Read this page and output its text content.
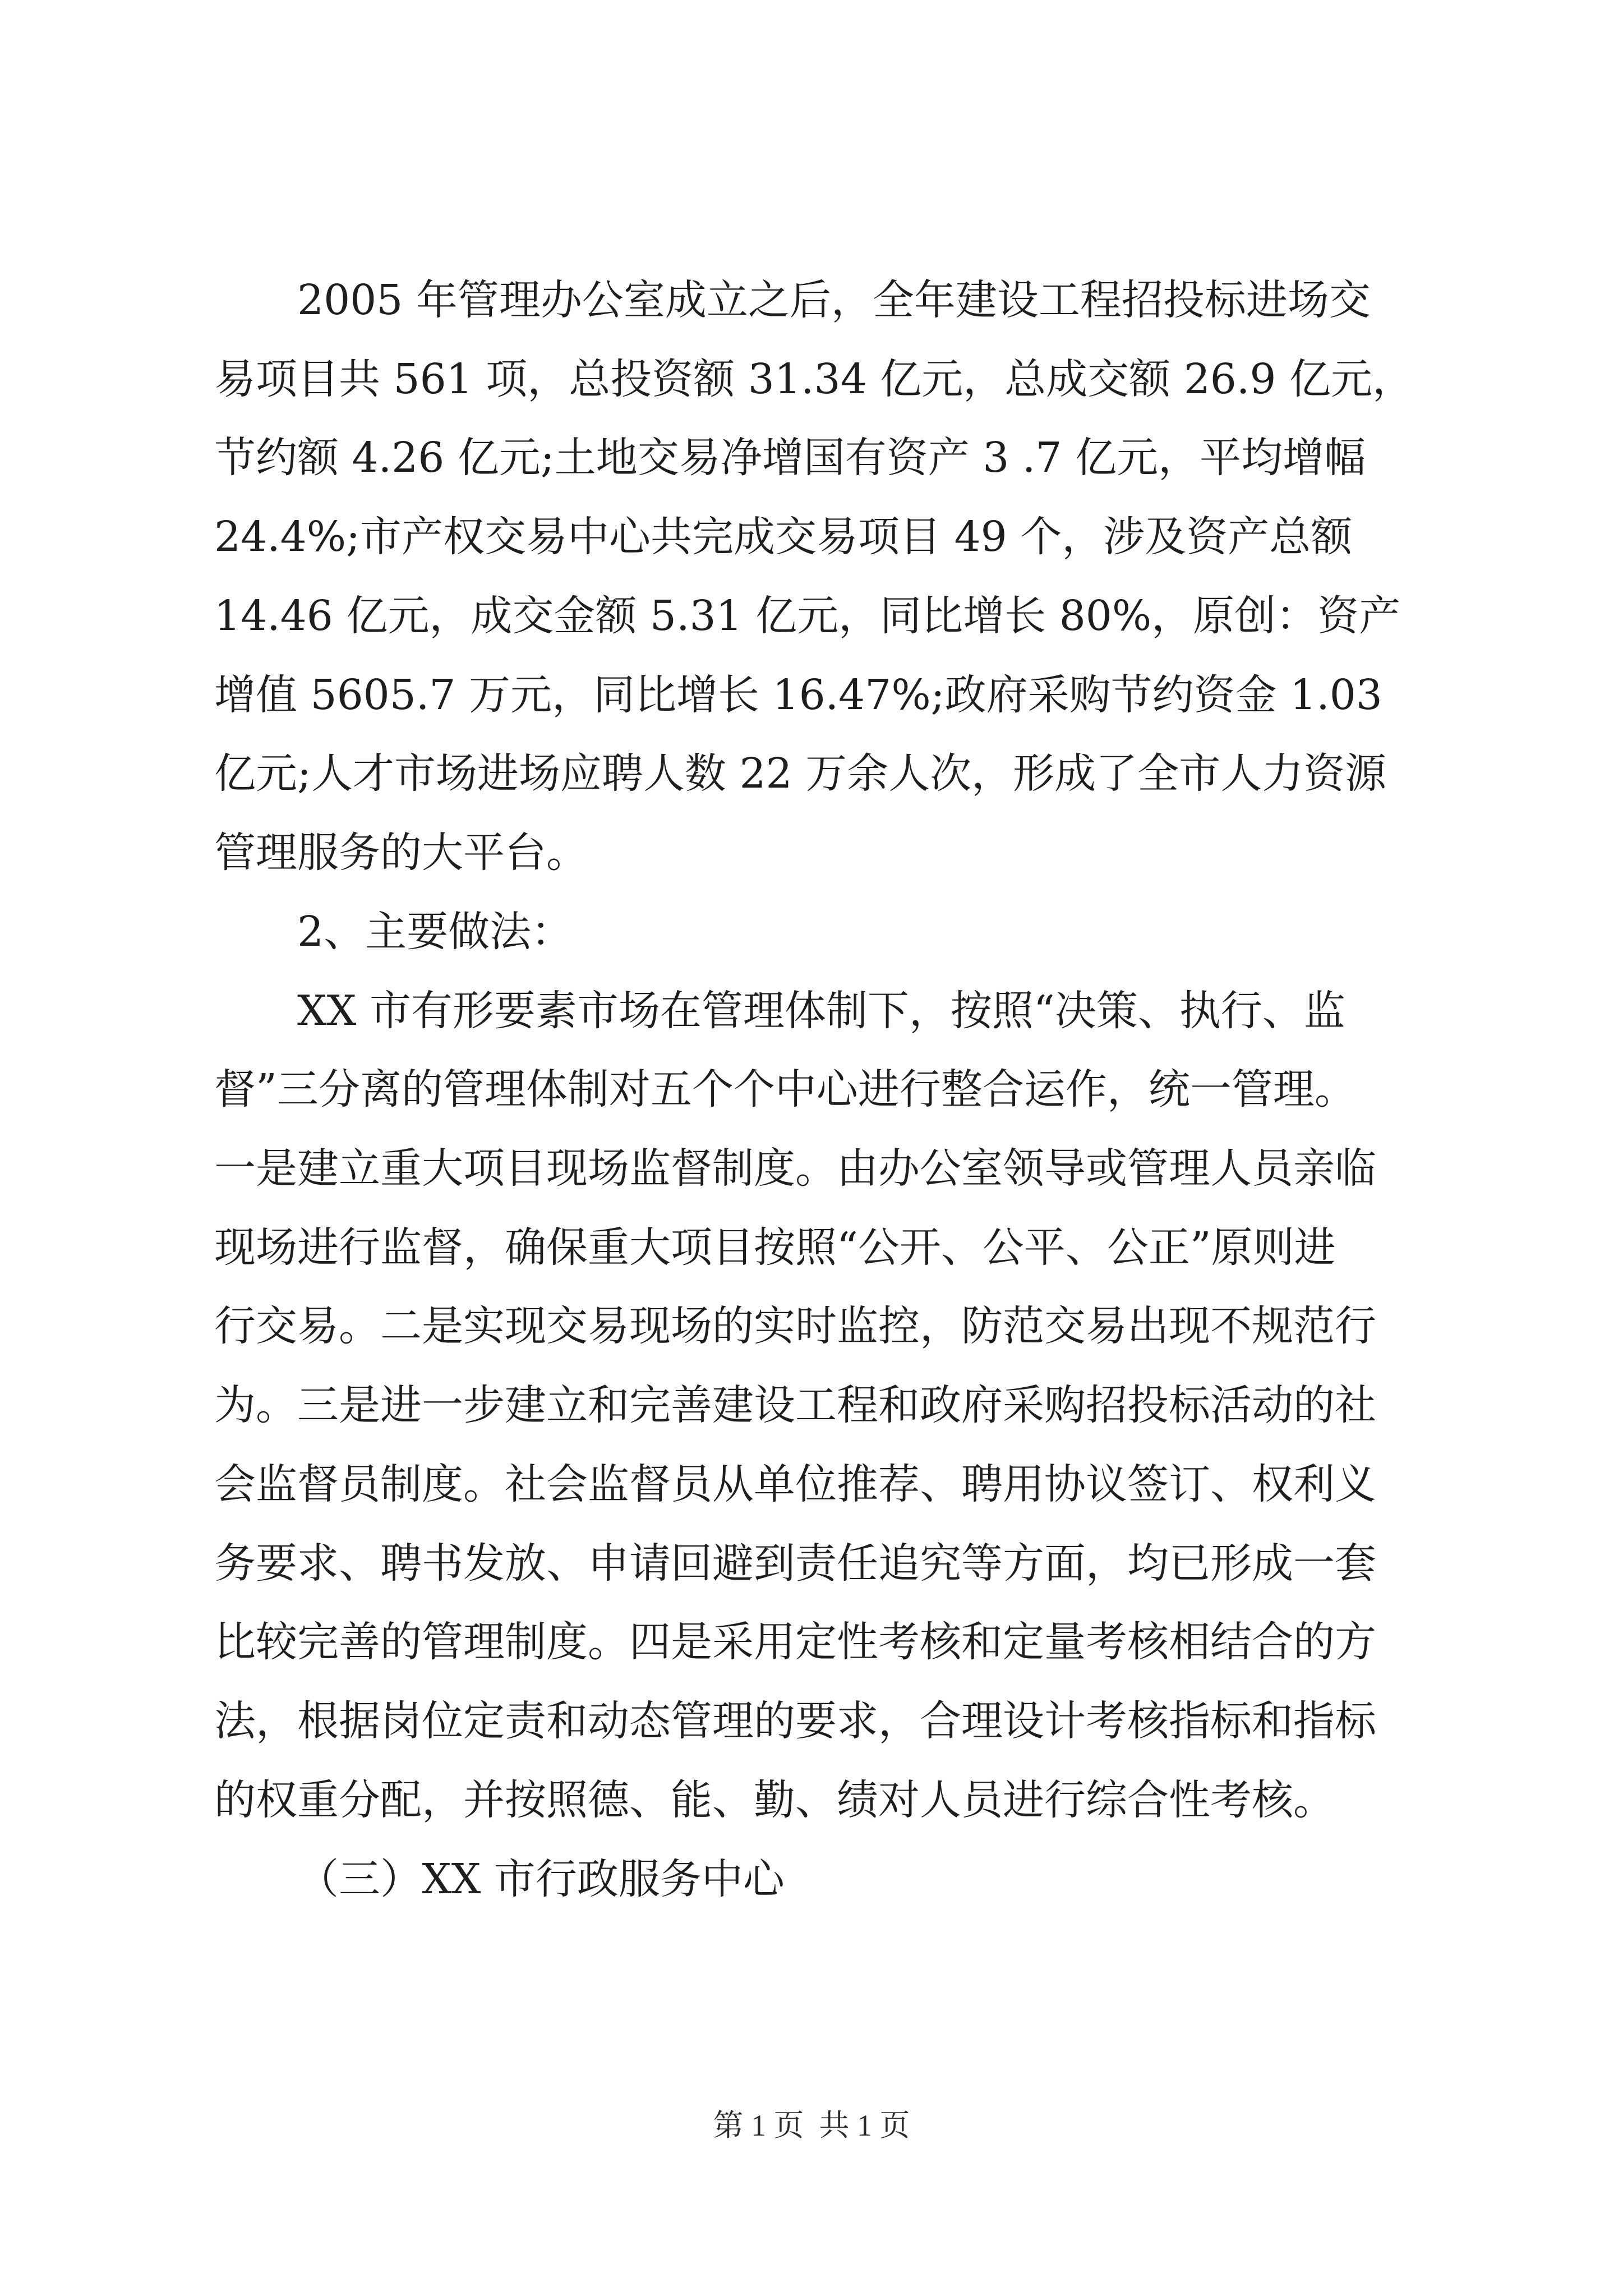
2005 年管理办公室成立之后，全年建设工程招投标进场交

易项目共 561 项，总投资额 31.34 亿元，总成交额 26.9 亿元，

节约额 4.26 亿元;土地交易净增国有资产 3 .7 亿元，平均增幅

24.4%;市产权交易中心共完成交易项目 49 个，涉及资产总额

14.46 亿元，成交金额 5.31 亿元，同比增长 80%，原创：资产

增值 5605.7 万元，同比增长 16.47%;政府采购节约资金 1.03

亿元;人才市场进场应聘人数 22 万余人次，形成了全市人力资源

管理服务的大平台。

2、主要做法：

XX 市有形要素市场在管理体制下，按照“决策、执行、监

督”三分离的管理体制对五个个中心进行整合运作，统一管理。

一是建立重大项目现场监督制度。由办公室领导或管理人员亲临

现场进行监督，确保重大项目按照“公开、公平、公正”原则进

行交易。二是实现交易现场的实时监控，防范交易出现不规范行

为。三是进一步建立和完善建设工程和政府采购招投标活动的社

会监督员制度。社会监督员从单位推荐、聘用协议签订、权利义

务要求、聘书发放、申请回避到责任追究等方面，均已形成一套

比较完善的管理制度。四是采用定性考核和定量考核相结合的方

法，根据岗位定责和动态管理的要求，合理设计考核指标和指标

的权重分配，并按照德、能、勤、绩对人员进行综合性考核。

（三）XX 市行政服务中心

第 1 页  共 1 页
